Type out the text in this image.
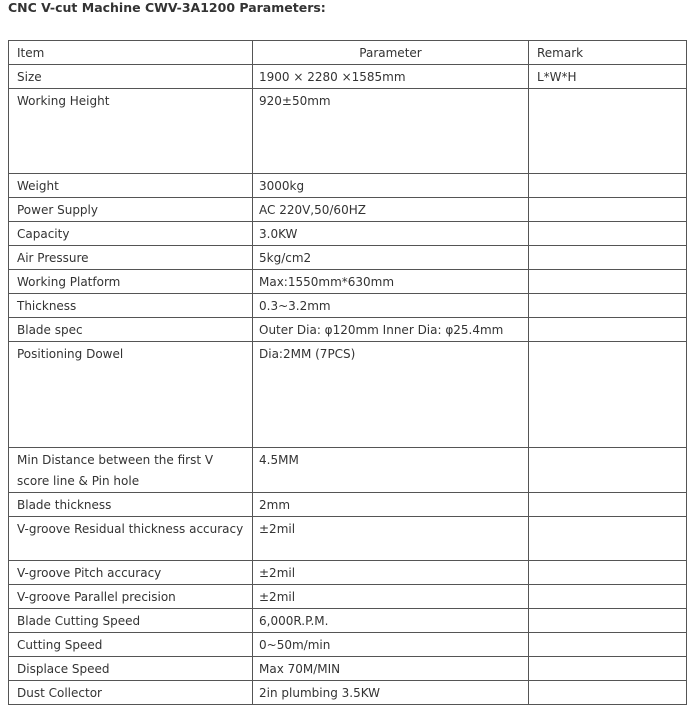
CNC V-cut Machine CWV-3A1200 Parameters:
Item	Parameter	Remark
Size	1900 × 2280 ×1585mm	L*W*H
Working Height	920±50mm	
Weight	3000kg	
Power Supply	AC 220V,50/60HZ	
Capacity	3.0KW	
Air Pressure	5kg/cm2	
Working Platform	Max:1550mm*630mm	
Thickness	0.3~3.2mm	
Blade spec	Outer Dia: φ120mm Inner Dia: φ25.4mm	
Positioning Dowel	Dia:2MM (7PCS)	
Min Distance between the first V score line & Pin hole	4.5MM	
Blade thickness	2mm	
V-groove Residual thickness accuracy	±2mil	
V-groove Pitch accuracy	±2mil	
V-groove Parallel precision	±2mil	
Blade Cutting Speed	6,000R.P.M.	
Cutting Speed	0~50m/min	
Displace Speed	Max 70M/MIN	
Dust Collector	2in plumbing 3.5KW	
